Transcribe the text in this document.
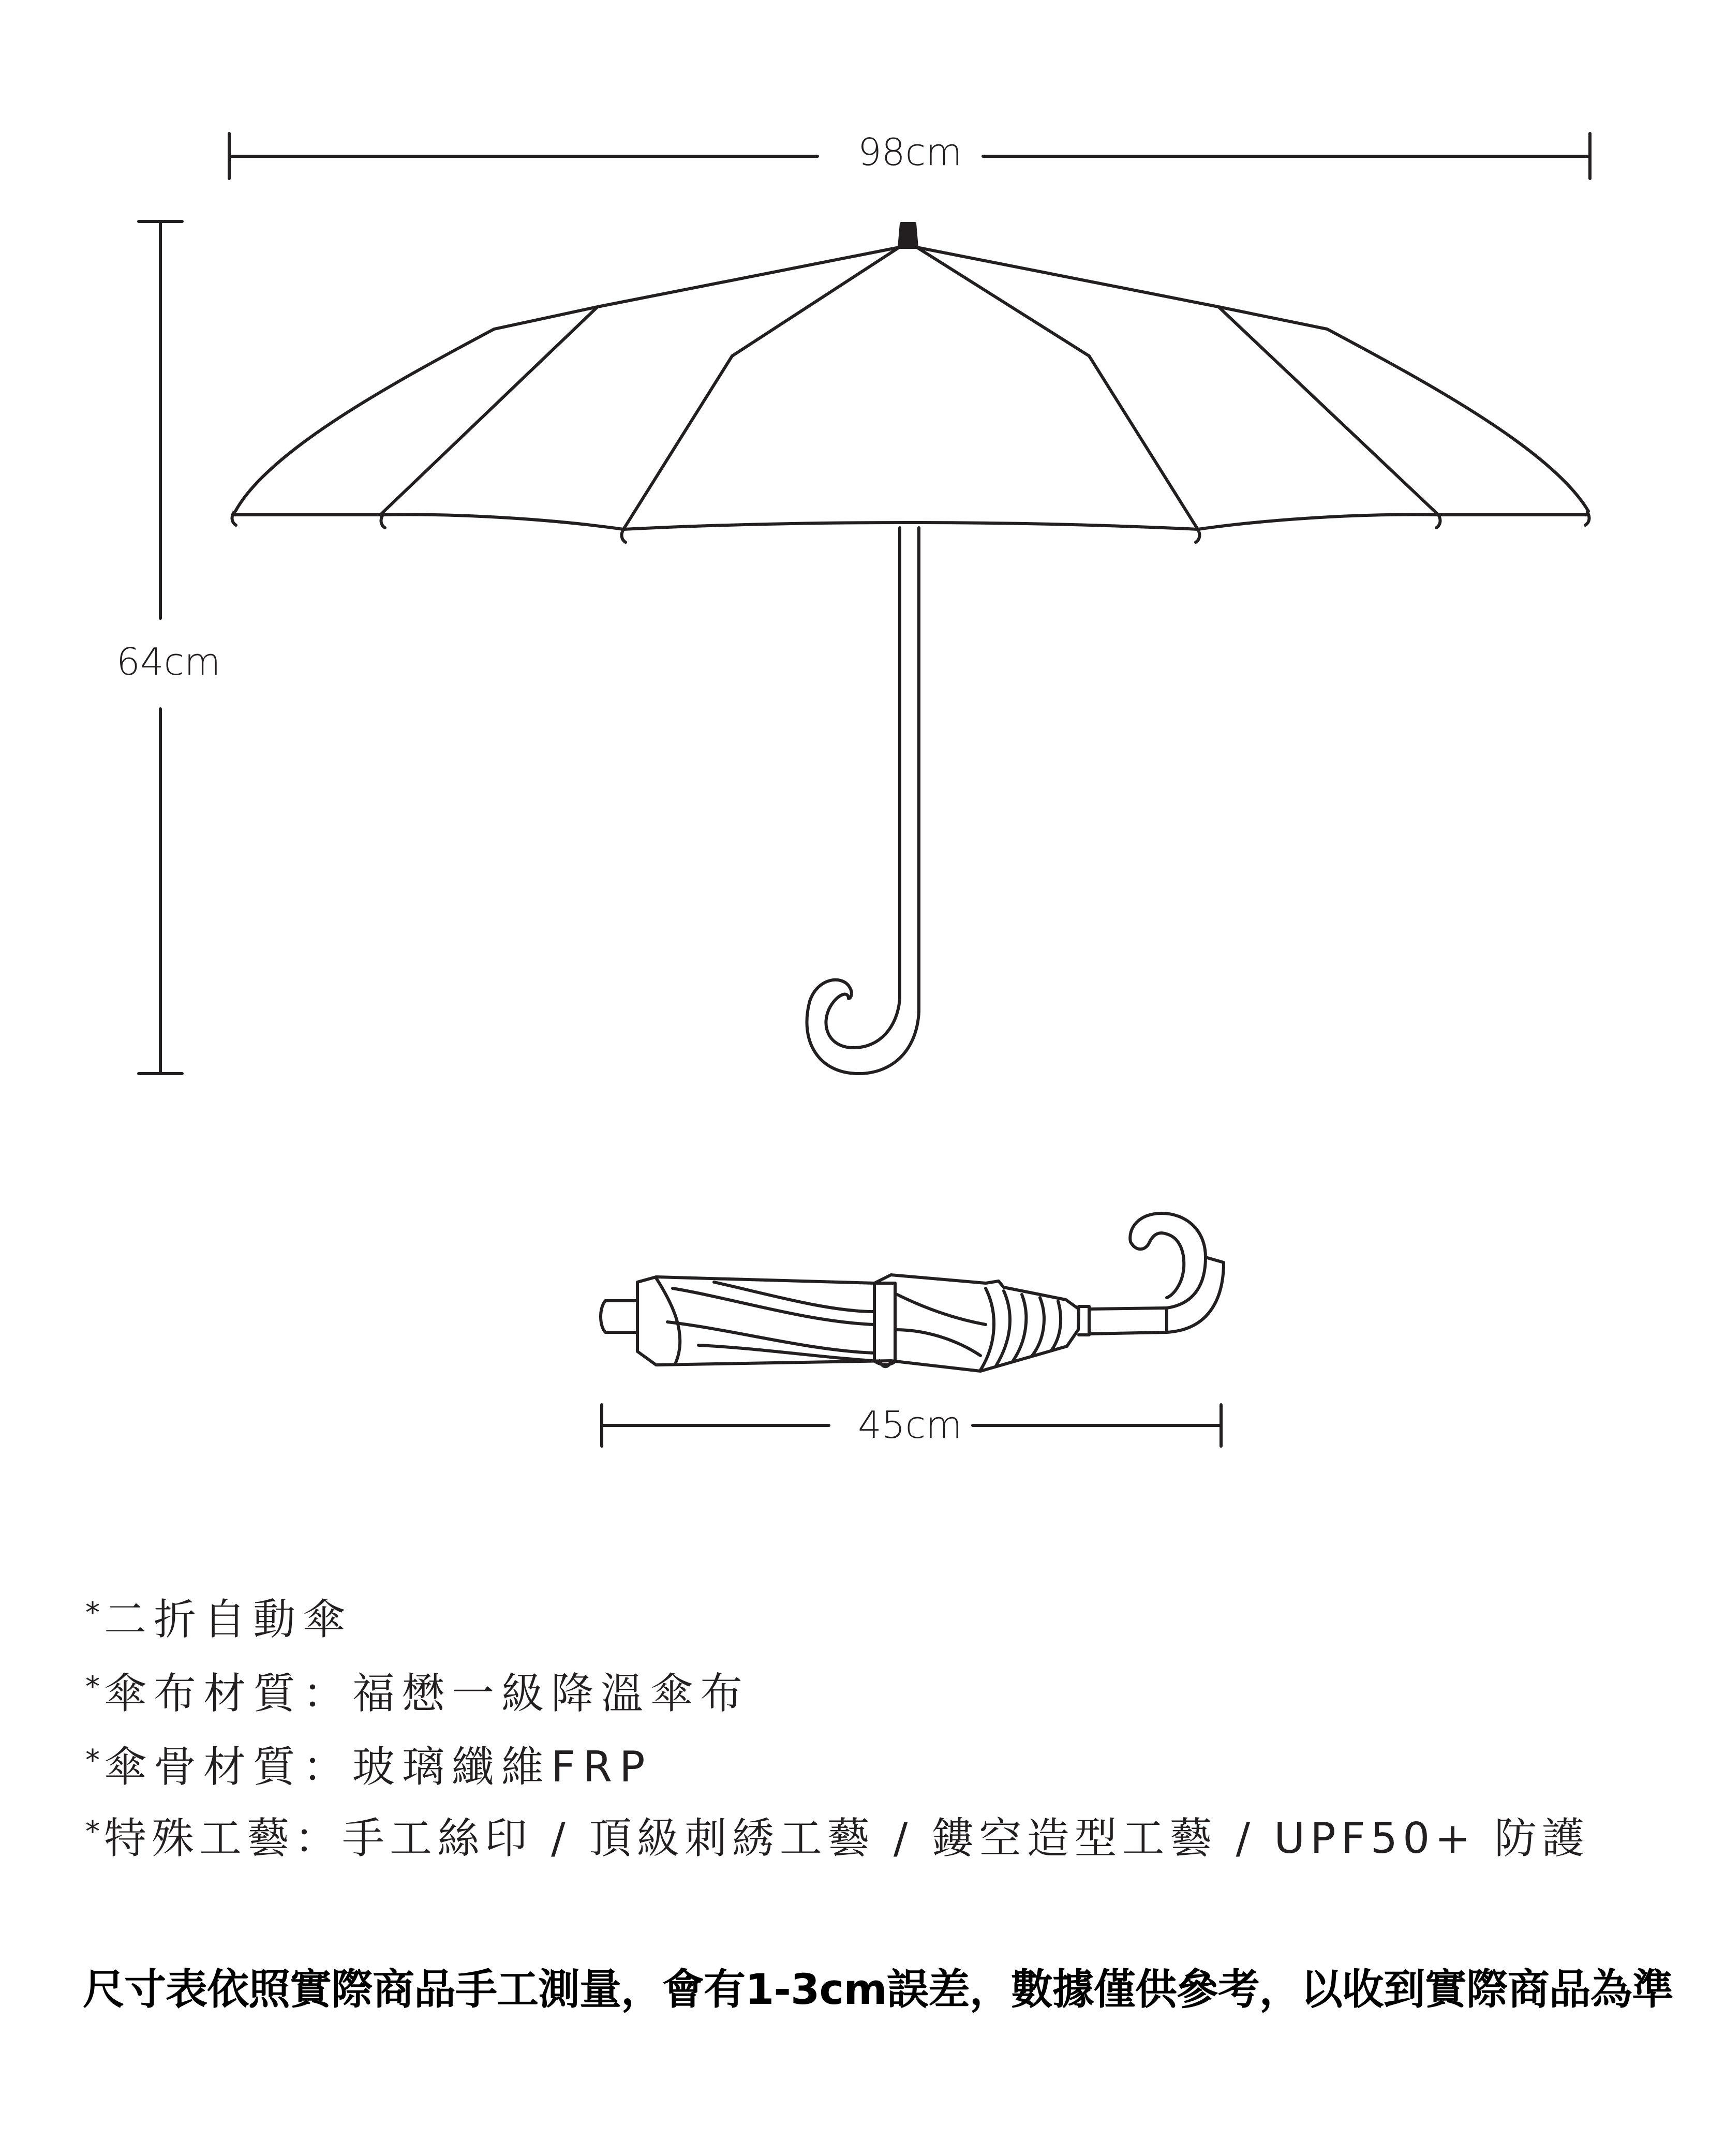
98cm
64cm
45cm
*二折自動傘
*傘布材質：福懋一級降溫傘布
*傘骨材質：玻璃纖維FRP
*特殊工藝：手工絲印 / 頂級刺綉工藝 / 鏤空造型工藝 / UPF50+ 防護
尺寸表依照實際商品手工測量，會有1-3cm誤差，數據僅供參考，以收到實際商品為準
